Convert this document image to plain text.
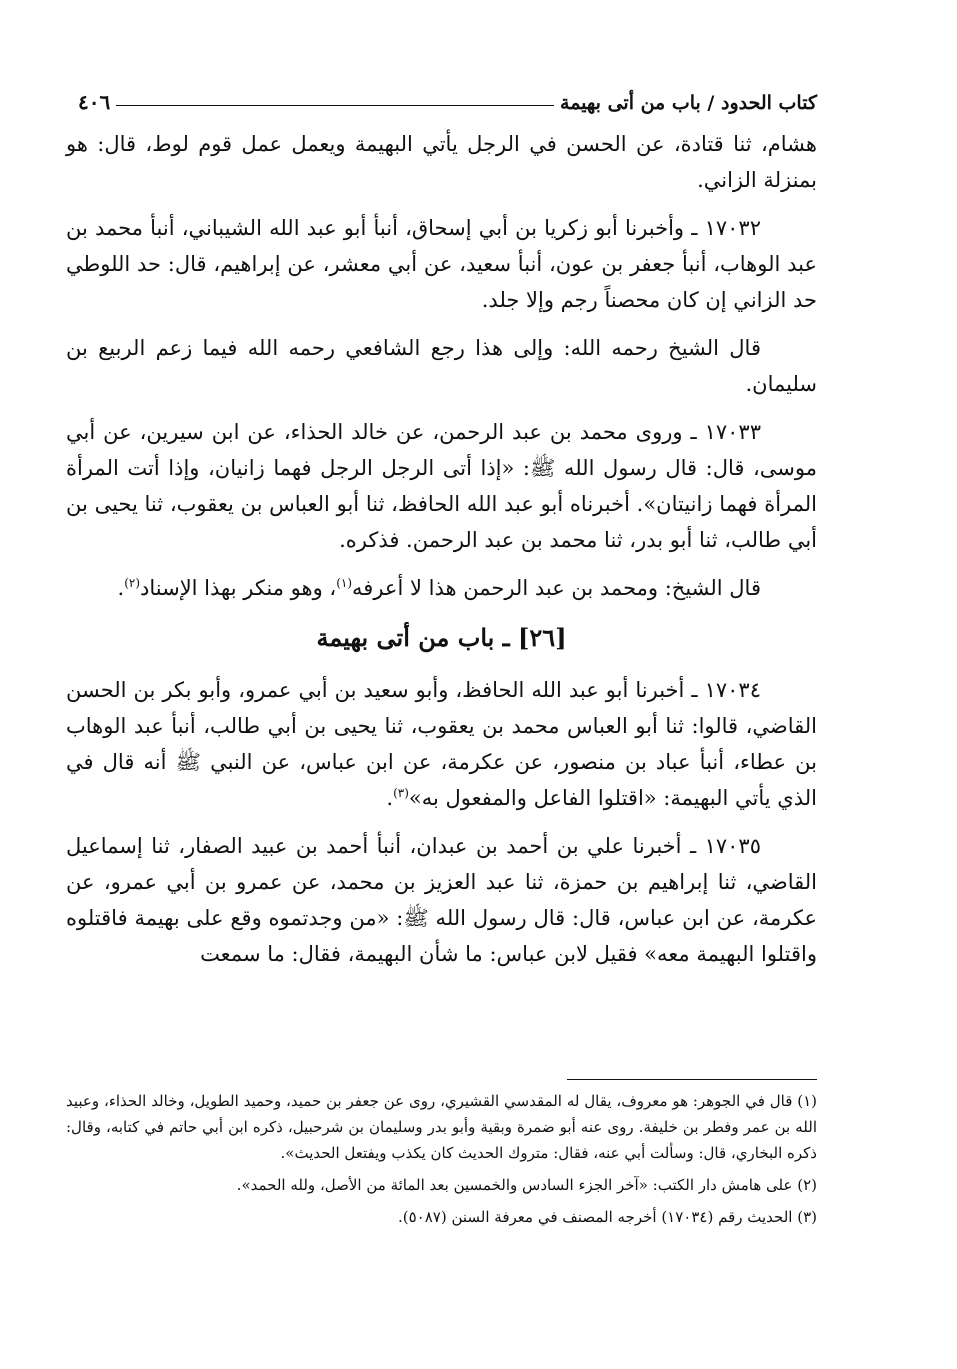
كتاب الحدود / باب من أتى بهيمة
٤٠٦

هشام، ثنا قتادة، عن الحسن في الرجل يأتي البهيمة ويعمل عمل قوم لوط، قال: هو بمنزلة الزاني.

١٧٠٣٢ ـ وأخبرنا أبو زكريا بن أبي إسحاق، أنبأ أبو عبد الله الشيباني، أنبأ محمد بن عبد الوهاب، أنبأ جعفر بن عون، أنبأ سعيد، عن أبي معشر، عن إبراهيم، قال: حد اللوطي حد الزاني إن كان محصناً رجم وإلا جلد.

قال الشيخ رحمه الله: وإلى هذا رجع الشافعي رحمه الله فيما زعم الربيع بن سليمان.

١٧٠٣٣ ـ وروى محمد بن عبد الرحمن، عن خالد الحذاء، عن ابن سيرين، عن أبي موسى، قال: قال رسول الله ﷺ: «إذا أتى الرجل الرجل فهما زانيان، وإذا أتت المرأة المرأة فهما زانيتان». أخبرناه أبو عبد الله الحافظ، ثنا أبو العباس بن يعقوب، ثنا يحيى بن أبي طالب، ثنا أبو بدر، ثنا محمد بن عبد الرحمن. فذكره.

قال الشيخ: ومحمد بن عبد الرحمن هذا لا أعرفه$^{(١)}$، وهو منكر بهذا الإسناد$^{(٢)}$.

[٢٦] ـ باب من أتى بهيمة

١٧٠٣٤ ـ أخبرنا أبو عبد الله الحافظ، وأبو سعيد بن أبي عمرو، وأبو بكر بن الحسن القاضي، قالوا: ثنا أبو العباس محمد بن يعقوب، ثنا يحيى بن أبي طالب، أنبأ عبد الوهاب بن عطاء، أنبأ عباد بن منصور، عن عكرمة، عن ابن عباس، عن النبي ﷺ أنه قال في الذي يأتي البهيمة: «اقتلوا الفاعل والمفعول به»$^{(٣)}$.

١٧٠٣٥ ـ أخبرنا علي بن أحمد بن عبدان، أنبأ أحمد بن عبيد الصفار، ثنا إسماعيل القاضي، ثنا إبراهيم بن حمزة، ثنا عبد العزيز بن محمد، عن عمرو بن أبي عمرو، عن عكرمة، عن ابن عباس، قال: قال رسول الله ﷺ: «من وجدتموه وقع على بهيمة فاقتلوه واقتلوا البهيمة معه» فقيل لابن عباس: ما شأن البهيمة، فقال: ما سمعت

(١) قال في الجوهر: هو معروف، يقال له المقدسي القشيري، روى عن جعفر بن حميد، وحميد الطويل، وخالد الحذاء، وعبيد الله بن عمر وفطر بن خليفة. روى عنه أبو ضمرة وبقية وأبو بدر وسليمان بن شرحبيل، ذكره ابن أبي حاتم في كتابه، وقال: ذكره البخاري، قال: وسألت أبي عنه، فقال: متروك الحديث كان يكذب ويفتعل الحديث».

(٢) على هامش دار الكتب: «آخر الجزء السادس والخمسين بعد المائة من الأصل، ولله الحمد».

(٣) الحديث رقم (١٧٠٣٤) أخرجه المصنف في معرفة السنن (٥٠٨٧).
